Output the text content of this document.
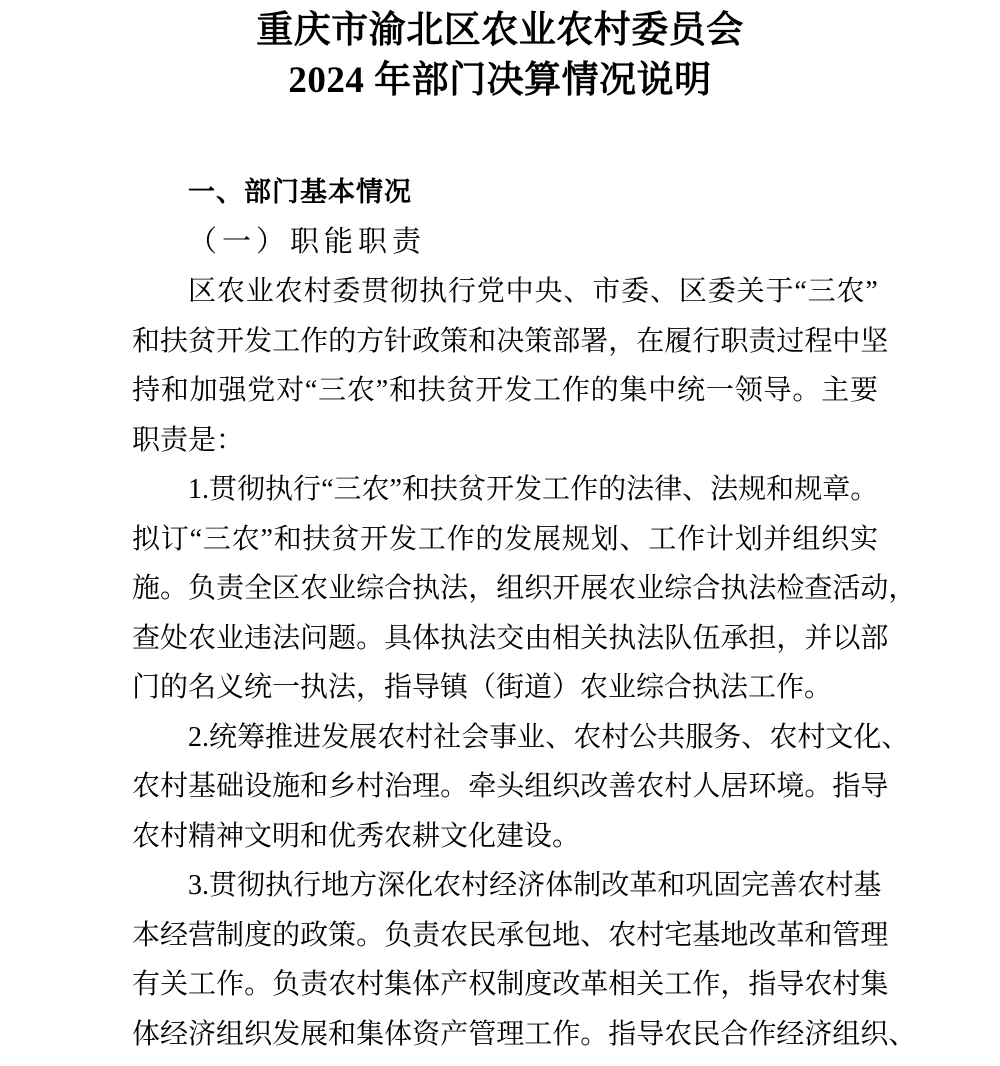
重庆市渝北区农业农村委员会
2024 年部门决算情况说明
一、部门基本情况
（一）职能职责
区 农 业 农 村 委 贯 彻 执 行 党 中 央 、 市 委 、 区 委 关 于 “ 三 农 ”
和 扶 贫 开 发 工 作 的 方 针 政 策 和 决 策 部 署 ， 在 履 行 职 责 过 程 中 坚
持 和 加 强 党 对 “ 三 农 ” 和 扶 贫 开 发 工 作 的 集 中 统 一 领 导 。 主 要
职责是：
1 . 贯 彻 执 行 “ 三 农 ” 和 扶 贫 开 发 工 作 的 法 律 、 法 规 和 规 章 。
拟 订 “ 三 农 ” 和 扶 贫 开 发 工 作 的 发 展 规 划 、 工 作 计 划 并 组 织 实
施 。 负 责 全 区 农 业 综 合 执 法 ， 组 织 开 展 农 业 综 合 执 法 检 查 活 动 ，
查 处 农 业 违 法 问 题 。 具 体 执 法 交 由 相 关 执 法 队 伍 承 担 ， 并 以 部
门的名义统一执法，指导镇（街道）农业综合执法工作。
2 . 统 筹 推 进 发 展 农 村 社 会 事 业 、 农 村 公 共 服 务 、 农 村 文 化 、
农 村 基 础 设 施 和 乡 村 治 理 。 牵 头 组 织 改 善 农 村 人 居 环 境 。 指 导
农村精神文明和优秀农耕文化建设。
3 . 贯 彻 执 行 地 方 深 化 农 村 经 济 体 制 改 革 和 巩 固 完 善 农 村 基
本 经 营 制 度 的 政 策 。 负 责 农 民 承 包 地 、 农 村 宅 基 地 改 革 和 管 理
有 关 工 作 。 负 责 农 村 集 体 产 权 制 度 改 革 相 关 工 作 ， 指 导 农 村 集
体 经 济 组 织 发 展 和 集 体 资 产 管 理 工 作 。 指 导 农 民 合 作 经 济 组 织 、
